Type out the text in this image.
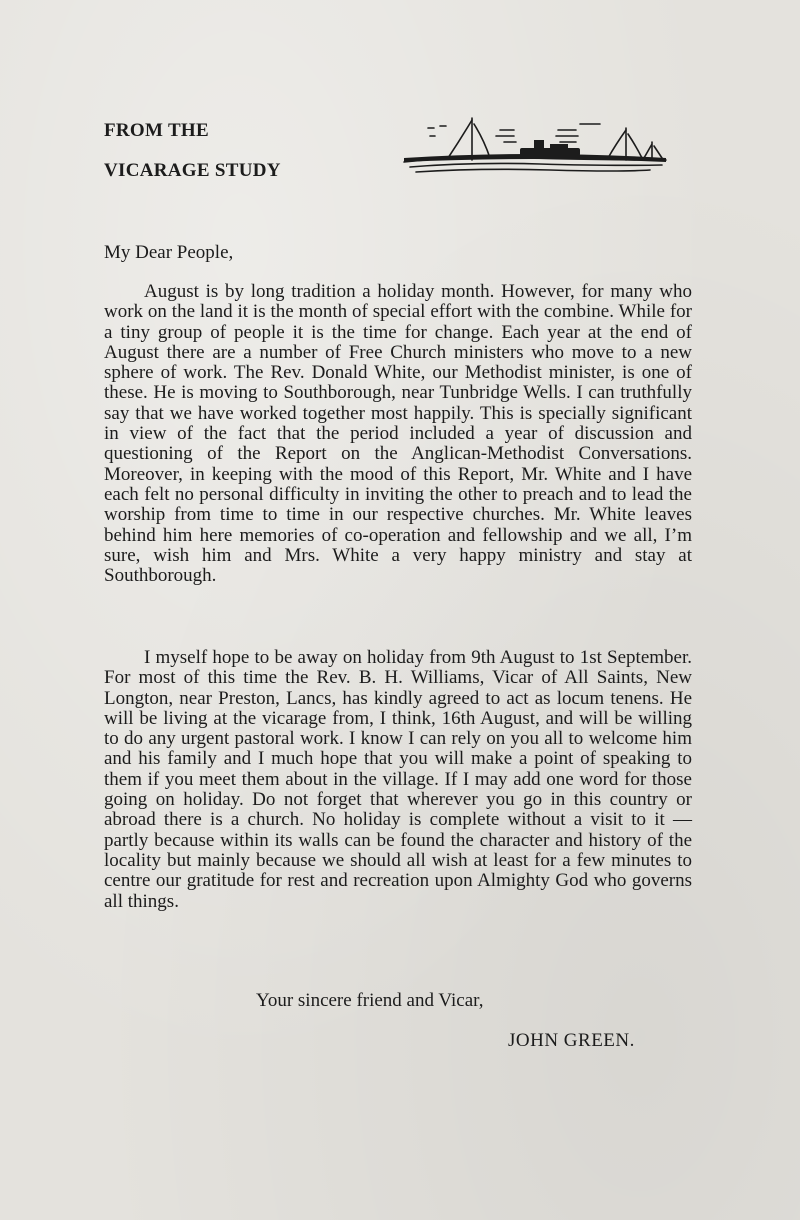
FROM THE

VICARAGE STUDY

My Dear People,

August is by long tradition a holiday month. However, for many who work on the land it is the month of special effort with the combine. While for a tiny group of people it is the time for change. Each year at the end of August there are a number of Free Church ministers who move to a new sphere of work. The Rev. Donald White, our Methodist minister, is one of these. He is moving to Southborough, near Tunbridge Wells. I can truthfully say that we have worked together most happily. This is specially significant in view of the fact that the period included a year of discussion and questioning of the Report on the Anglican-Methodist Conversations. Moreover, in keeping with the mood of this Report, Mr. White and I have each felt no personal difficulty in inviting the other to preach and to lead the worship from time to time in our respective churches. Mr. White leaves behind him here memories of co-operation and fellowship and we all, I’m sure, wish him and Mrs. White a very happy ministry and stay at Southborough.

I myself hope to be away on holiday from 9th August to 1st September. For most of this time the Rev. B. H. Williams, Vicar of All Saints, New Longton, near Preston, Lancs, has kindly agreed to act as locum tenens. He will be living at the vicarage from, I think, 16th August, and will be willing to do any urgent pastoral work. I know I can rely on you all to welcome him and his family and I much hope that you will make a point of speaking to them if you meet them about in the village. If I may add one word for those going on holiday. Do not forget that wherever you go in this country or abroad there is a church. No holiday is complete without a visit to it — partly because within its walls can be found the character and history of the locality but mainly because we should all wish at least for a few minutes to centre our gratitude for rest and recreation upon Almighty God who governs all things.

Your sincere friend and Vicar,

JOHN GREEN.
